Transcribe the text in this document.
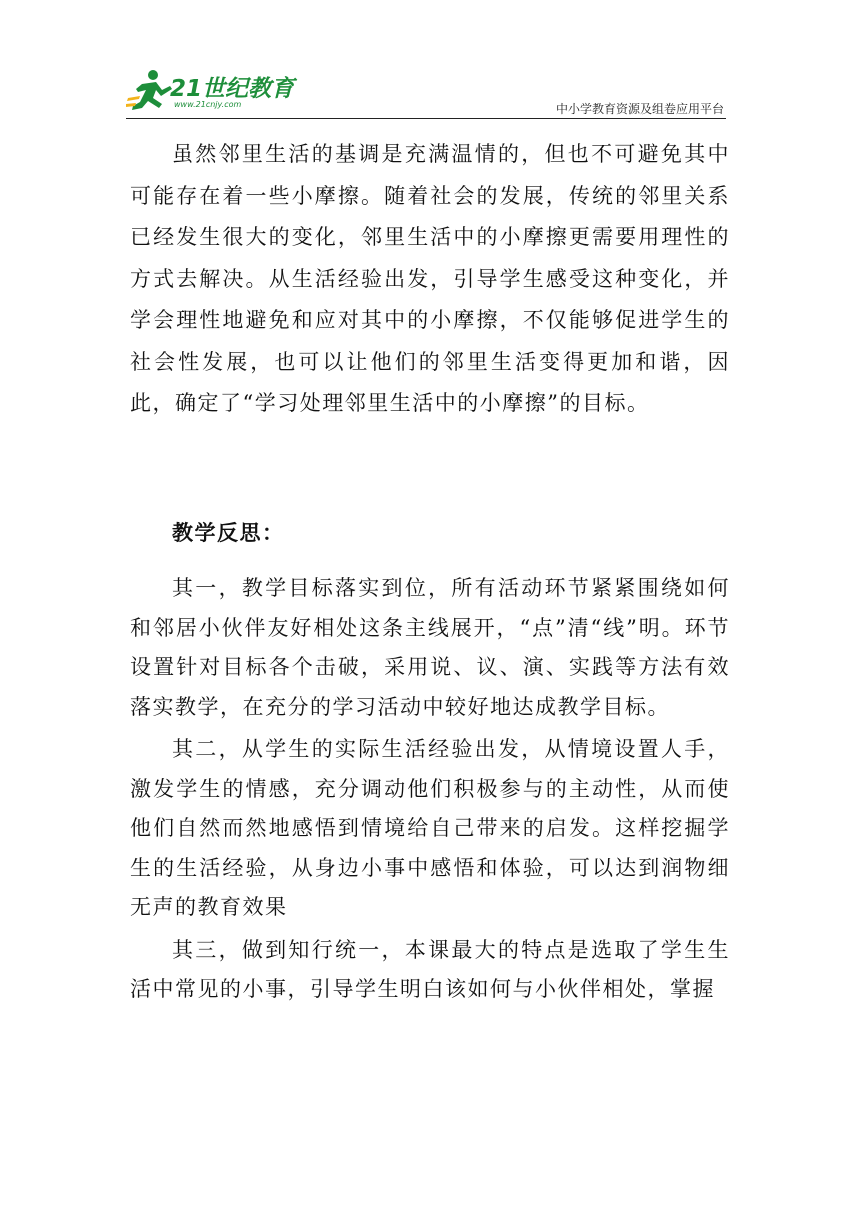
21世纪教育
www.21cnjy.com	中小学教育资源及组卷应用平台

虽然邻里生活的基调是充满温情的，但也不可避免其中可能存在着一些小摩擦。随着社会的发展，传统的邻里关系已经发生很大的变化，邻里生活中的小摩擦更需要用理性的方式去解决。从生活经验出发，引导学生感受这种变化，并学会理性地避免和应对其中的小摩擦，不仅能够促进学生的社会性发展，也可以让他们的邻里生活变得更加和谐，因此，确定了“学习处理邻里生活中的小摩擦”的目标。

教学反思：

其一，教学目标落实到位，所有活动环节紧紧围绕如何和邻居小伙伴友好相处这条主线展开，“点”清“线”明。环节设置针对目标各个击破，采用说、议、演、实践等方法有效落实教学，在充分的学习活动中较好地达成教学目标。

其二，从学生的实际生活经验出发，从情境设置人手，激发学生的情感，充分调动他们积极参与的主动性，从而使他们自然而然地感悟到情境给自己带来的启发。这样挖掘学生的生活经验，从身边小事中感悟和体验，可以达到润物细无声的教育效果

其三，做到知行统一，本课最大的特点是选取了学生生活中常见的小事，引导学生明白该如何与小伙伴相处，掌握
